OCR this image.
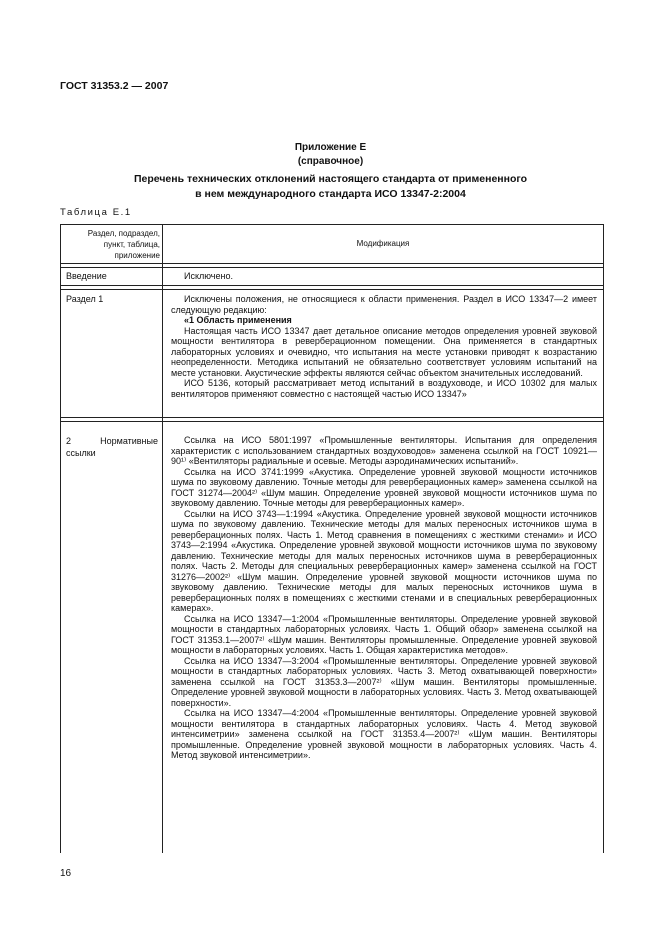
ГОСТ 31353.2 — 2007
Приложение Е
(справочное)
Перечень технических отклонений настоящего стандарта от примененного
в нем международного стандарта ИСО 13347-2:2004
Таблица Е.1
Раздел, подраздел,
пункт, таблица,
приложение
Модификация
Введение	Исключено.

Раздел 1	Исключены положения, не относящиеся к области применения. Раздел в ИСО 13347—2 имеет следующую редакцию:

«1 Область применения

Настоящая часть ИСО 13347 дает детальное описание методов определения уровней звуковой мощности вентилятора в реверберационном помещении. Она применяется в стандартных лабораторных условиях и очевидно, что испытания на месте установки приводят к возрастанию неопределенности. Методика испытаний не обязательно соответствует условиям испытаний на месте установки. Акустические эффекты являются сейчас объектом значительных исследований.

ИСО 5136, который рассматривает метод испытаний в воздуховоде, и ИСО 10302 для малых вентиляторов применяют совместно с настоящей частью ИСО 13347»

2 Нормативные ссылки

Ссылка на ИСО 5801:1997 «Промышленные вентиляторы. Испытания для определения характеристик с использованием стандартных воздуховодов» заменена ссылкой на ГОСТ 10921—90¹⁾ «Вентиляторы радиальные и осевые. Методы аэродинамических испытаний».

Ссылка на ИСО 3741:1999 «Акустика. Определение уровней звуковой мощности источников шума по звуковому давлению. Точные методы для реверберационных камер» заменена ссылкой на ГОСТ 31274—2004²⁾ «Шум машин. Определение уровней звуковой мощности источников шума по звуковому давлению. Точные методы для реверберационных камер».

Ссылки на ИСО 3743—1:1994 «Акустика. Определение уровней звуковой мощности источников шума по звуковому давлению. Технические методы для малых переносных источников шума в реверберационных полях. Часть 1. Метод сравнения в помещениях с жесткими стенами» и ИСО 3743—2:1994 «Акустика. Определение уровней звуковой мощности источников шума по звуковому давлению. Технические методы для малых переносных источников шума в реверберационных полях. Часть 2. Методы для специальных реверберационных камер» заменена ссылкой на ГОСТ 31276—2002²⁾ «Шум машин. Определение уровней звуковой мощности источников шума по звуковому давлению. Технические методы для малых переносных источников шума в реверберационных полях в помещениях с жесткими стенами и в специальных реверберационных камерах».

Ссылка на ИСО 13347—1:2004 «Промышленные вентиляторы. Определение уровней звуковой мощности в стандартных лабораторных условиях. Часть 1. Общий обзор» заменена ссылкой на ГОСТ 31353.1—2007²⁾ «Шум машин. Вентиляторы промышленные. Определение уровней звуковой мощности в лабораторных условиях. Часть 1. Общая характеристика методов».

Ссылка на ИСО 13347—3:2004 «Промышленные вентиляторы. Определение уровней звуковой мощности в стандартных лабораторных условиях. Часть 3. Метод охватывающей поверхности» заменена ссылкой на ГОСТ 31353.3—2007²⁾ «Шум машин. Вентиляторы промышленные. Определение уровней звуковой мощности в лабораторных условиях. Часть 3. Метод охватывающей поверхности».

Ссылка на ИСО 13347—4:2004 «Промышленные вентиляторы. Определение уровней звуковой мощности вентилятора в стандартных лабораторных условиях. Часть 4. Метод звуковой интенсиметрии» заменена ссылкой на ГОСТ 31353.4—2007²⁾ «Шум машин. Вентиляторы промышленные. Определение уровней звуковой мощности в лабораторных условиях. Часть 4. Метод звуковой интенсиметрии».

16
